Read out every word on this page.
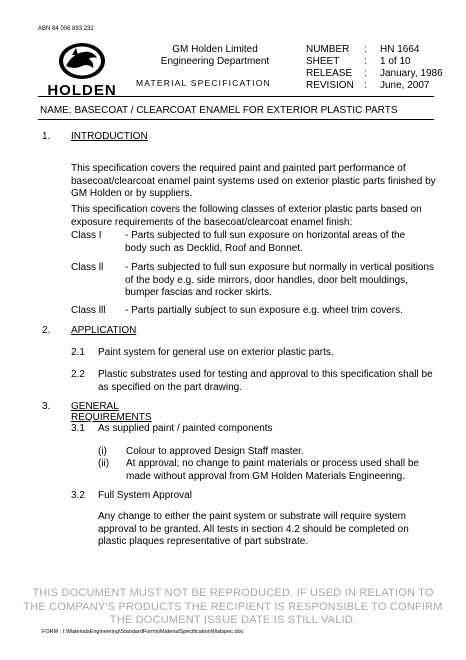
ABN 84 006 893 232
HOLDEN
GM Holden Limited
Engineering Department
MATERIAL SPECIFICATION
NUMBER	:	HN 1664
SHEET	:	1 of 10
RELEASE	:	January, 1986
REVISION	:	June, 2007
NAME: BASECOAT / CLEARCOAT ENAMEL FOR EXTERIOR PLASTIC PARTS
1. INTRODUCTION
This specification covers the required paint and painted part performance of basecoat/clearcoat enamel paint systems used on exterior plastic parts finished by GM Holden or by suppliers.
This specification covers the following classes of exterior plastic parts based on exposure requirements of the basecoat/clearcoat enamel finish:
Class I - Parts subjected to full sun exposure on horizontal areas of the body such as Decklid, Roof and Bonnet.
Class ll - Parts subjected to full sun exposure but normally in vertical positions of the body e.g. side mirrors, door handles, door belt mouldings, bumper fascias and rocker skirts.
Class lll - Parts partially subject to sun exposure e.g. wheel trim covers.
2. APPLICATION
2.1 Paint system for general use on exterior plastic parts.
2.2 Plastic substrates used for testing and approval to this specification shall be as specified on the part drawing.
3. GENERAL REQUIREMENTS
3.1 As supplied paint / painted components
(i) Colour to approved Design Staff master.
(ii) At approval; no change to paint materials or process used shall be made without approval from GM Holden Materials Engineering.
3.2 Full System Approval
Any change to either the paint system or substrate will require system approval to be granted. All tests in section 4.2 should be completed on plastic plaques representative of part substrate.
THIS DOCUMENT MUST NOT BE REPRODUCED. IF USED IN RELATION TO THE COMPANY'S PRODUCTS THE RECIPIENT IS RESPONSIBLE TO CONFIRM THE DOCUMENT ISSUE DATE IS STILL VALID.
FORM : I:\MaterialsEngineering\StandardForms\MaterialSpecification\Matspec.doc
